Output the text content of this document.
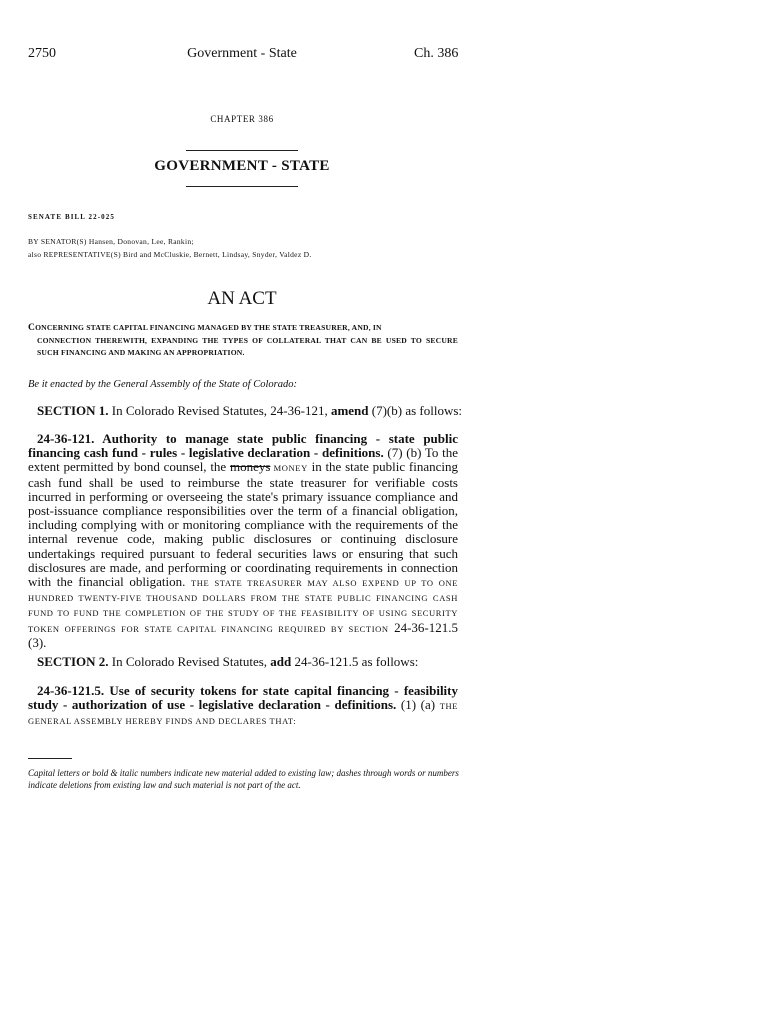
2750	Government - State	Ch. 386
CHAPTER 386
GOVERNMENT - STATE
SENATE BILL 22-025
BY SENATOR(S) Hansen, Donovan, Lee, Rankin;
also REPRESENTATIVE(S) Bird and McCluskie, Bernett, Lindsay, Snyder, Valdez D.
AN ACT
CONCERNING STATE CAPITAL FINANCING MANAGED BY THE STATE TREASURER, AND, IN
CONNECTION THEREWITH, EXPANDING THE TYPES OF COLLATERAL THAT CAN BE USED TO SECURE SUCH FINANCING AND MAKING AN APPROPRIATION.
Be it enacted by the General Assembly of the State of Colorado:
SECTION 1. In Colorado Revised Statutes, 24-36-121, amend (7)(b) as follows:
24-36-121. Authority to manage state public financing - state public financing cash fund - rules - legislative declaration - definitions. (7) (b) To the extent permitted by bond counsel, the moneys MONEY in the state public financing cash fund shall be used to reimburse the state treasurer for verifiable costs incurred in performing or overseeing the state's primary issuance compliance and post-issuance compliance responsibilities over the term of a financial obligation, including complying with or monitoring compliance with the requirements of the internal revenue code, making public disclosures or continuing disclosure undertakings required pursuant to federal securities laws or ensuring that such disclosures are made, and performing or coordinating requirements in connection with the financial obligation. THE STATE TREASURER MAY ALSO EXPEND UP TO ONE HUNDRED TWENTY-FIVE THOUSAND DOLLARS FROM THE STATE PUBLIC FINANCING CASH FUND TO FUND THE COMPLETION OF THE STUDY OF THE FEASIBILITY OF USING SECURITY TOKEN OFFERINGS FOR STATE CAPITAL FINANCING REQUIRED BY SECTION 24-36-121.5 (3).
SECTION 2. In Colorado Revised Statutes, add 24-36-121.5 as follows:
24-36-121.5. Use of security tokens for state capital financing - feasibility study - authorization of use - legislative declaration - definitions. (1) (a) THE GENERAL ASSEMBLY HEREBY FINDS AND DECLARES THAT:
Capital letters or bold & italic numbers indicate new material added to existing law; dashes through words or numbers indicate deletions from existing law and such material is not part of the act.
